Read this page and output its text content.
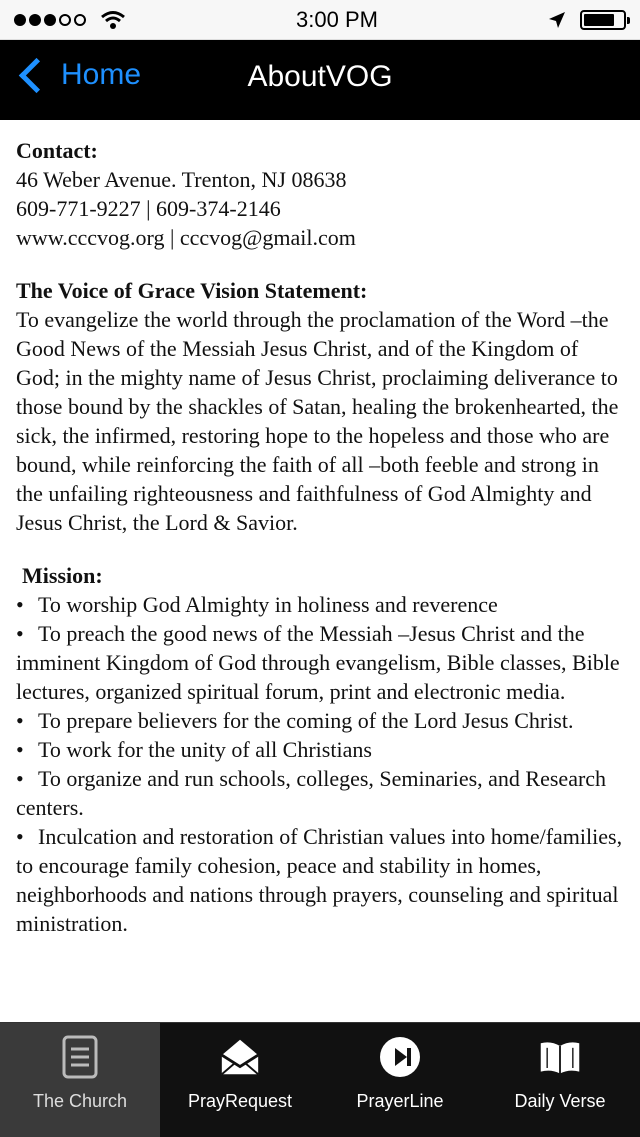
3:00 PM
Home	AboutVOG
Contact:
46 Weber Avenue. Trenton, NJ 08638
609-771-9227 | 609-374-2146
www.cccvog.org | cccvog@gmail.com
The Voice of Grace Vision Statement:
To evangelize the world through the proclamation of the Word –the Good News of the Messiah Jesus Christ, and of the Kingdom of God; in the mighty name of Jesus Christ, proclaiming deliverance to those bound by the shackles of Satan, healing the brokenhearted, the sick, the infirmed, restoring hope to the hopeless and those who are bound, while reinforcing the faith of all –both feeble and strong in the unfailing righteousness and faithfulness of God Almighty and Jesus Christ, the Lord & Savior.
Mission:
• To worship God Almighty in holiness and reverence
• To preach the good news of the Messiah –Jesus Christ and the imminent Kingdom of God through evangelism, Bible classes, Bible lectures, organized spiritual forum, print and electronic media.
• To prepare believers for the coming of the Lord Jesus Christ.
• To work for the unity of all Christians
• To organize and run schools, colleges, Seminaries, and Research centers.
• Inculcation and restoration of Christian values into home/families, to encourage family cohesion, peace and stability in homes, neighborhoods and nations through prayers, counseling and spiritual ministration.
The Church	PrayRequest	PrayerLine	Daily Verse
